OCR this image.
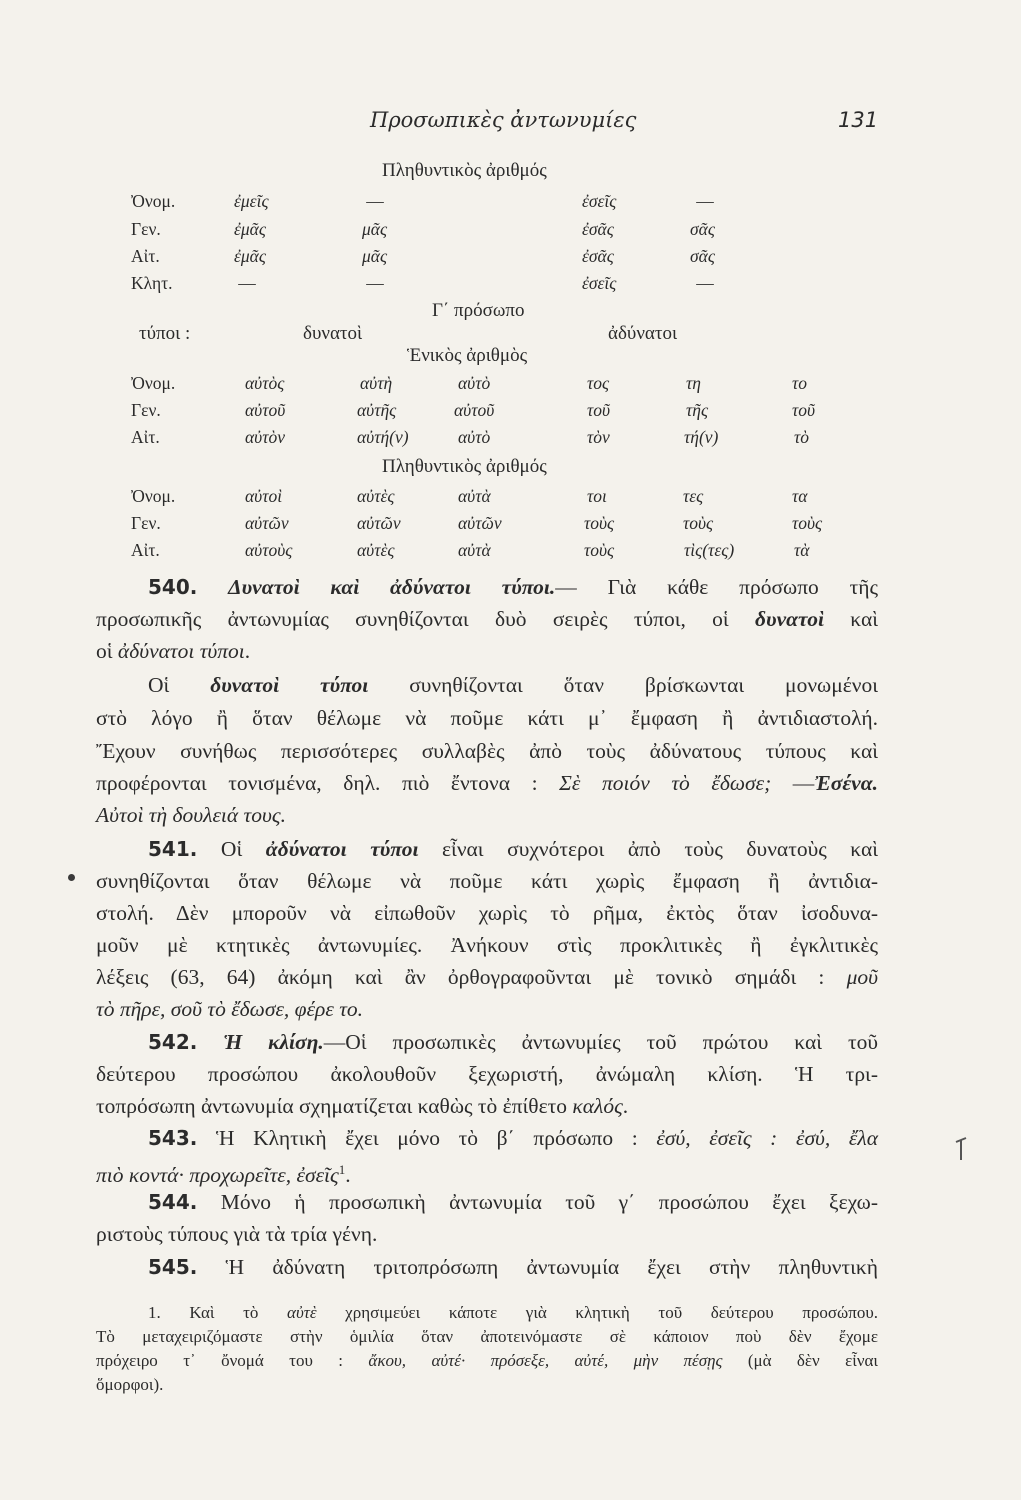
Προσωπικὲς ἀντωνυμίες	131
Πληθυντικὸς ἀριθμός
Ὀνομ.	ἐμεῖς	—	ἐσεῖς	—
Γεν.	ἐμᾶς	μᾶς	ἐσᾶς	σᾶς
Αἰτ.	ἐμᾶς	μᾶς	ἐσᾶς	σᾶς
Κλητ.	—	—	ἐσεῖς	—
Γ΄ πρόσωπο
τύποι :	δυνατοὶ	ἀδύνατοι
Ἑνικὸς ἀριθμὸς
Ὀνομ.	αὐτὸς	αὐτὴ	αὐτὸ	τος	τη	το
Γεν.	αὐτοῦ	αὐτῆς	αὐτοῦ	τοῦ	τῆς	τοῦ
Αἰτ.	αὐτὸν	αὐτή(ν)	αὐτὸ	τὸν	τή(ν)	τὸ
Πληθυντικὸς ἀριθμός
Ὀνομ.	αὐτοὶ	αὐτὲς	αὐτὰ	τοι	τες	τα
Γεν.	αὐτῶν	αὐτῶν	αὐτῶν	τοὺς	τοὺς	τοὺς
Αἰτ.	αὐτοὺς	αὐτὲς	αὐτὰ	τοὺς	τὶς(τες)	τὰ
540. Δυνατοὶ καὶ ἀδύνατοι τύποι.— Γιὰ κάθε πρόσωπο τῆς
προσωπικῆς ἀντωνυμίας συνηθίζονται δυὸ σειρὲς τύποι, οἱ δυνατοὶ καὶ
οἱ ἀδύνατοι τύποι.
Οἱ δυνατοὶ τύποι συνηθίζονται ὅταν βρίσκωνται μονωμένοι
στὸ λόγο ἢ ὅταν θέλωμε νὰ ποῦμε κάτι μ᾿ ἔμφαση ἢ ἀντιδιαστολή.
Ἔχουν συνήθως περισσότερες συλλαβὲς ἀπὸ τοὺς ἀδύνατους τύπους καὶ
προφέρονται τονισμένα, δηλ. πιὸ ἔντονα : Σὲ ποιόν τὸ ἔδωσε; —Ἐσένα.
Αὐτοὶ τὴ δουλειά τους.
541. Οἱ ἀδύνατοι τύποι εἶναι συχνότεροι ἀπὸ τοὺς δυνατοὺς καὶ
συνηθίζονται ὅταν θέλωμε νὰ ποῦμε κάτι χωρὶς ἔμφαση ἢ ἀντιδια-
στολή. Δὲν μποροῦν νὰ εἰπωθοῦν χωρὶς τὸ ρῆμα, ἐκτὸς ὅταν ἰσοδυνα-
μοῦν μὲ κτητικὲς ἀντωνυμίες. Ἀνήκουν στὶς προκλιτικὲς ἢ ἐγκλιτικὲς
λέξεις (63, 64) ἀκόμη καὶ ἂν ὀρθογραφοῦνται μὲ τονικὸ σημάδι : μοῦ
τὸ πῆρε, σοῦ τὸ ἔδωσε, φέρε το.
542. Ἡ κλίση.—Οἱ προσωπικὲς ἀντωνυμίες τοῦ πρώτου καὶ τοῦ
δεύτερου προσώπου ἀκολουθοῦν ξεχωριστή, ἀνώμαλη κλίση. Ἡ τρι-
τοπρόσωπη ἀντωνυμία σχηματίζεται καθὼς τὸ ἐπίθετο καλός.
543. Ἡ Κλητικὴ ἔχει μόνο τὸ β΄ πρόσωπο : ἐσύ, ἐσεῖς : ἐσύ, ἔλα
πιὸ κοντά· προχωρεῖτε, ἐσεῖς$^1$.
544. Μόνο ἡ προσωπικὴ ἀντωνυμία τοῦ γ΄ προσώπου ἔχει ξεχω-
ριστοὺς τύπους γιὰ τὰ τρία γένη.
545. Ἡ ἀδύνατη τριτοπρόσωπη ἀντωνυμία ἔχει στὴν πληθυντικὴ
1. Καὶ τὸ αὐτὲ χρησιμεύει κάποτε γιὰ κλητικὴ τοῦ δεύτερου προσώπου.
Τὸ μεταχειριζόμαστε στὴν ὁμιλία ὅταν ἀποτεινόμαστε σὲ κάποιον ποὺ δὲν ἔχομε
πρόχειρο τ᾿ ὄνομά του : ἄκου, αὐτέ· πρόσεξε, αὐτέ, μὴν πέσῃς (μὰ δὲν εἶναι
ὅμορφοι).
